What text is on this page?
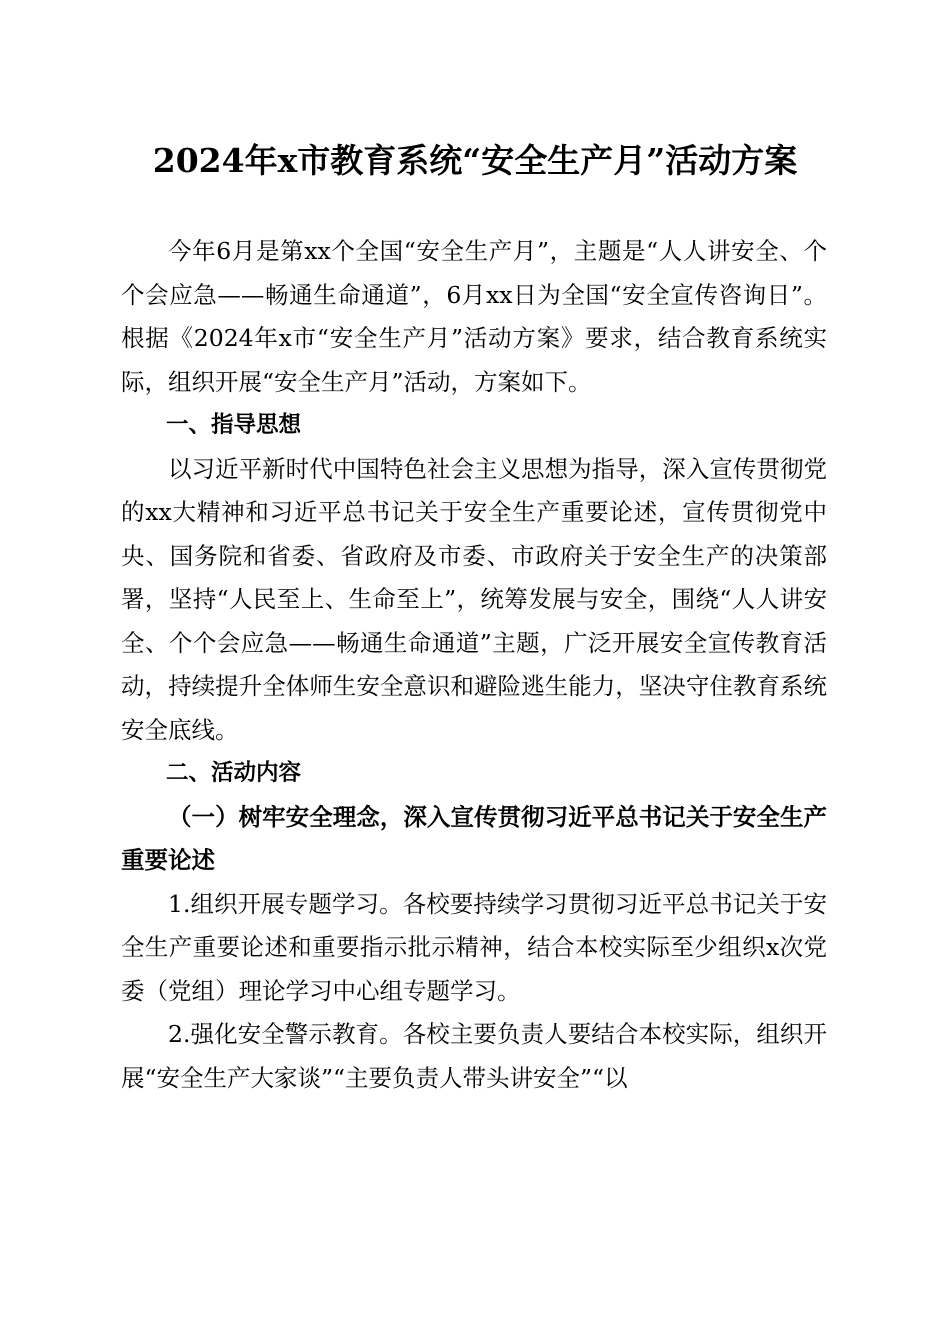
2024年x市教育系统“安全生产月”活动方案

今年6月是第xx个全国“安全生产月”，主题是“人人讲安全、个个会应急——畅通生命通道”，6月xx日为全国“安全宣传咨询日”。根据《2024年x市“安全生产月”活动方案》要求，结合教育系统实际，组织开展“安全生产月”活动，方案如下。

一、指导思想

以习近平新时代中国特色社会主义思想为指导，深入宣传贯彻党的xx大精神和习近平总书记关于安全生产重要论述，宣传贯彻党中央、国务院和省委、省政府及市委、市政府关于安全生产的决策部署，坚持“人民至上、生命至上”，统筹发展与安全，围绕“人人讲安全、个个会应急——畅通生命通道”主题，广泛开展安全宣传教育活动，持续提升全体师生安全意识和避险逃生能力，坚决守住教育系统安全底线。

二、活动内容

（一）树牢安全理念，深入宣传贯彻习近平总书记关于安全生产重要论述

1.组织开展专题学习。各校要持续学习贯彻习近平总书记关于安全生产重要论述和重要指示批示精神，结合本校实际至少组织x次党委（党组）理论学习中心组专题学习。

2.强化安全警示教育。各校主要负责人要结合本校实际，组织开展“安全生产大家谈”“主要负责人带头讲安全”“以
